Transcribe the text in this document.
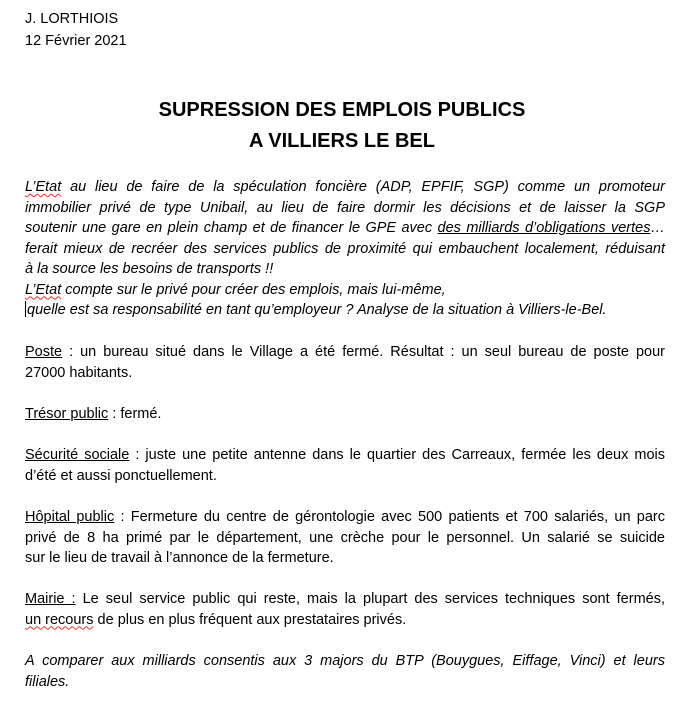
J. LORTHIOIS
12 Février 2021
SUPRESSION DES EMPLOIS PUBLICS
A VILLIERS LE BEL
L’Etat au lieu de faire de la spéculation foncière (ADP, EPFIF, SGP) comme un promoteur
immobilier privé de type Unibail, au lieu de faire dormir les décisions et de laisser la SGP
soutenir une gare en plein champ et de financer le GPE avec des milliards d’obligations vertes…
ferait mieux de recréer des services publics de proximité qui embauchent localement, réduisant
à la source les besoins de transports !!
L’Etat compte sur le privé pour créer des emplois, mais lui-même,
quelle est sa responsabilité en tant qu’employeur ? Analyse de la situation à Villiers-le-Bel.
Poste : un bureau situé dans le Village a été fermé. Résultat : un seul bureau de poste pour
27000 habitants.
Trésor public : fermé.
Sécurité sociale : juste une petite antenne dans le quartier des Carreaux, fermée les deux mois
d’été et aussi ponctuellement.
Hôpital public : Fermeture du centre de gérontologie avec 500 patients et 700 salariés, un parc
privé de 8 ha primé par le département, une crèche pour le personnel. Un salarié se suicide
sur le lieu de travail à l’annonce de la fermeture.
Mairie : Le seul service public qui reste, mais la plupart des services techniques sont fermés,
un recours de plus en plus fréquent aux prestataires privés.
A comparer aux milliards consentis aux 3 majors du BTP (Bouygues, Eiffage, Vinci) et leurs
filiales.
